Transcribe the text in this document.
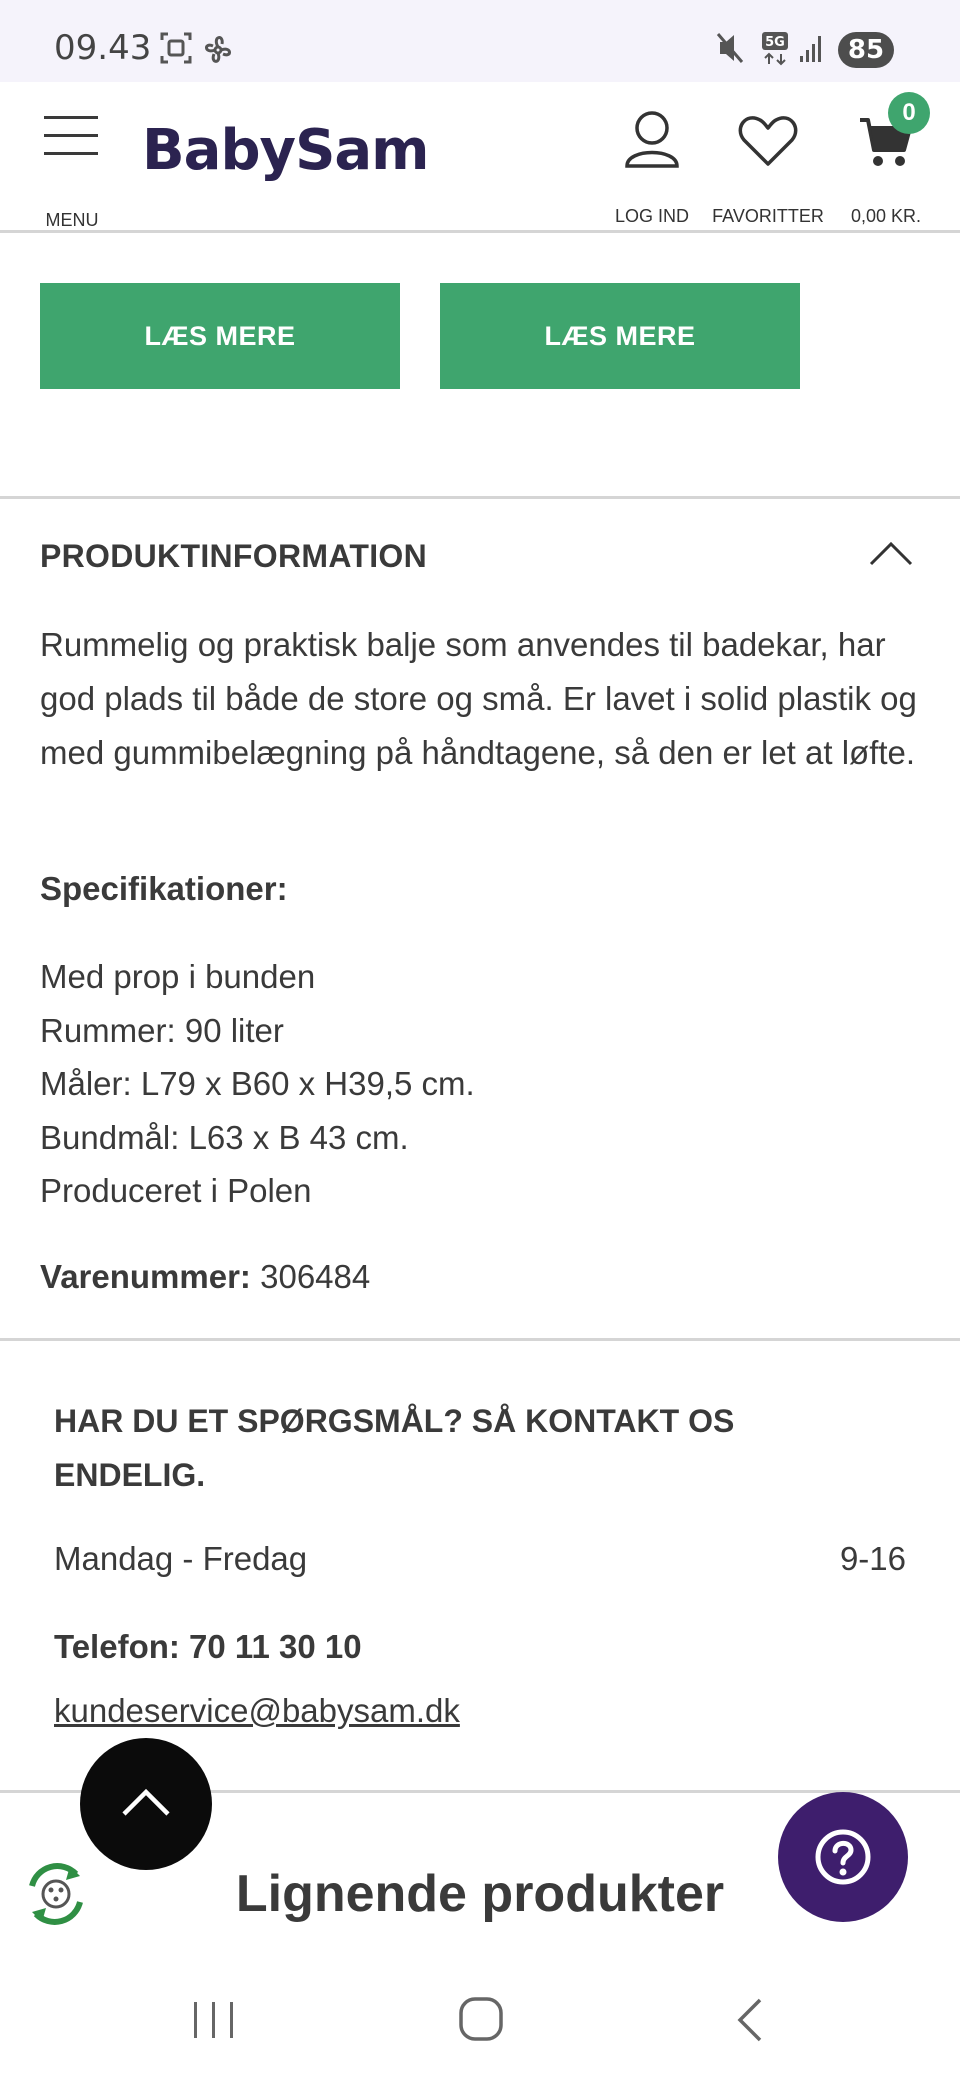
09.43	5G	85
MENU
BabySam
LOG IND	FAVORITTER	0,00 KR.
0
LÆS MERE	LÆS MERE
PRODUKTINFORMATION
Rummelig og praktisk balje som anvendes til badekar, har god plads til både de store og små. Er lavet i solid plastik og med gummibelægning på håndtagene, så den er let at løfte.
Specifikationer:
Med prop i bunden
Rummer: 90 liter
Måler: L79 x B60 x H39,5 cm.
Bundmål: L63 x B 43 cm.
Produceret i Polen
Varenummer: 306484
HAR DU ET SPØRGSMÅL? SÅ KONTAKT OS ENDELIG.
Mandag - Fredag	9-16
Telefon: 70 11 30 10
kundeservice@babysam.dk
Lignende produkter
